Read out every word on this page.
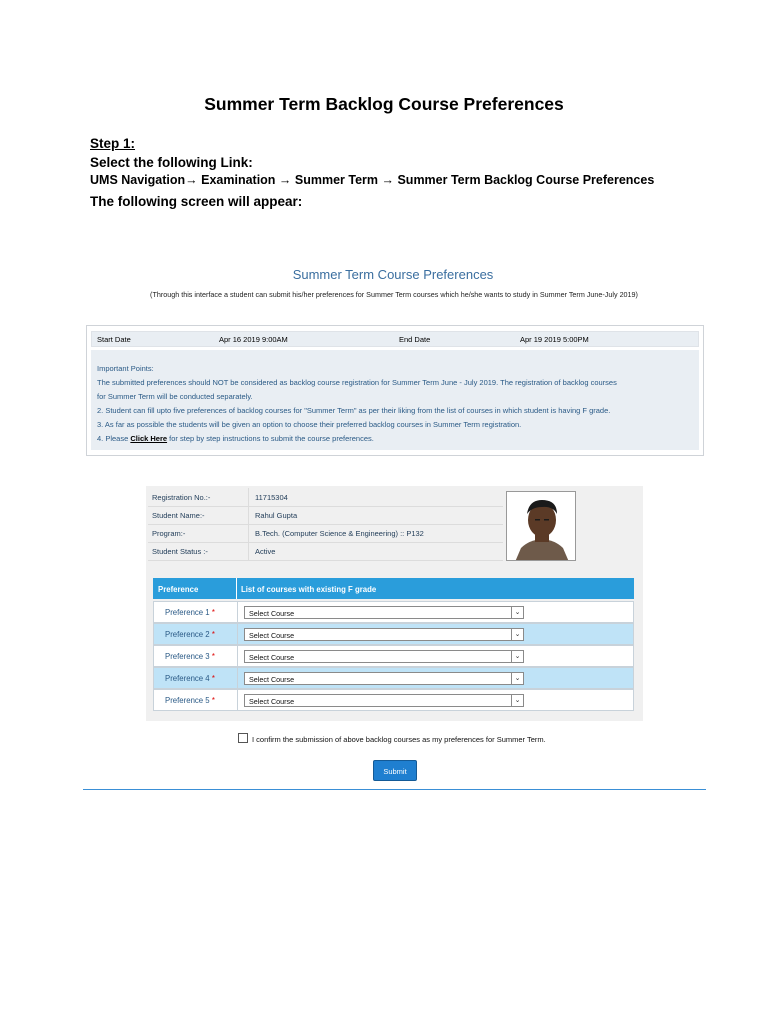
Summer Term Backlog Course Preferences
Step 1:
Select the following Link:
UMS Navigation→ Examination → Summer Term → Summer Term Backlog Course Preferences
The following screen will appear:
Summer Term Course Preferences
(Through this interface a student can submit his/her preferences for Summer Term courses which he/she wants to study in Summer Term June-July 2019)
Start Date	Apr 16 2019 9:00AM	End Date	Apr 19 2019 5:00PM
Important Points:
The submitted preferences should NOT be considered as backlog course registration for Summer Term June - July 2019. The registration of backlog courses
for Summer Term will be conducted separately.
2. Student can fill upto five preferences of backlog courses for "Summer Term" as per their liking from the list of courses in which student is having F grade.
3. As far as possible the students will be given an option to choose their preferred backlog courses in Summer Term registration.
4. Please Click Here for step by step instructions to submit the course preferences.
Registration No.:-	11715304
Student Name:-	Rahul Gupta
Program:-	B.Tech. (Computer Science & Engineering) :: P132
Student Status :-	Active
Preference	List of courses with existing F grade
Preference 1 *	Select Course	⌄
Preference 2 *	Select Course	⌄
Preference 3 *	Select Course	⌄
Preference 4 *	Select Course	⌄
Preference 5 *	Select Course	⌄
I confirm the submission of above backlog courses as my preferences for Summer Term.
Submit
